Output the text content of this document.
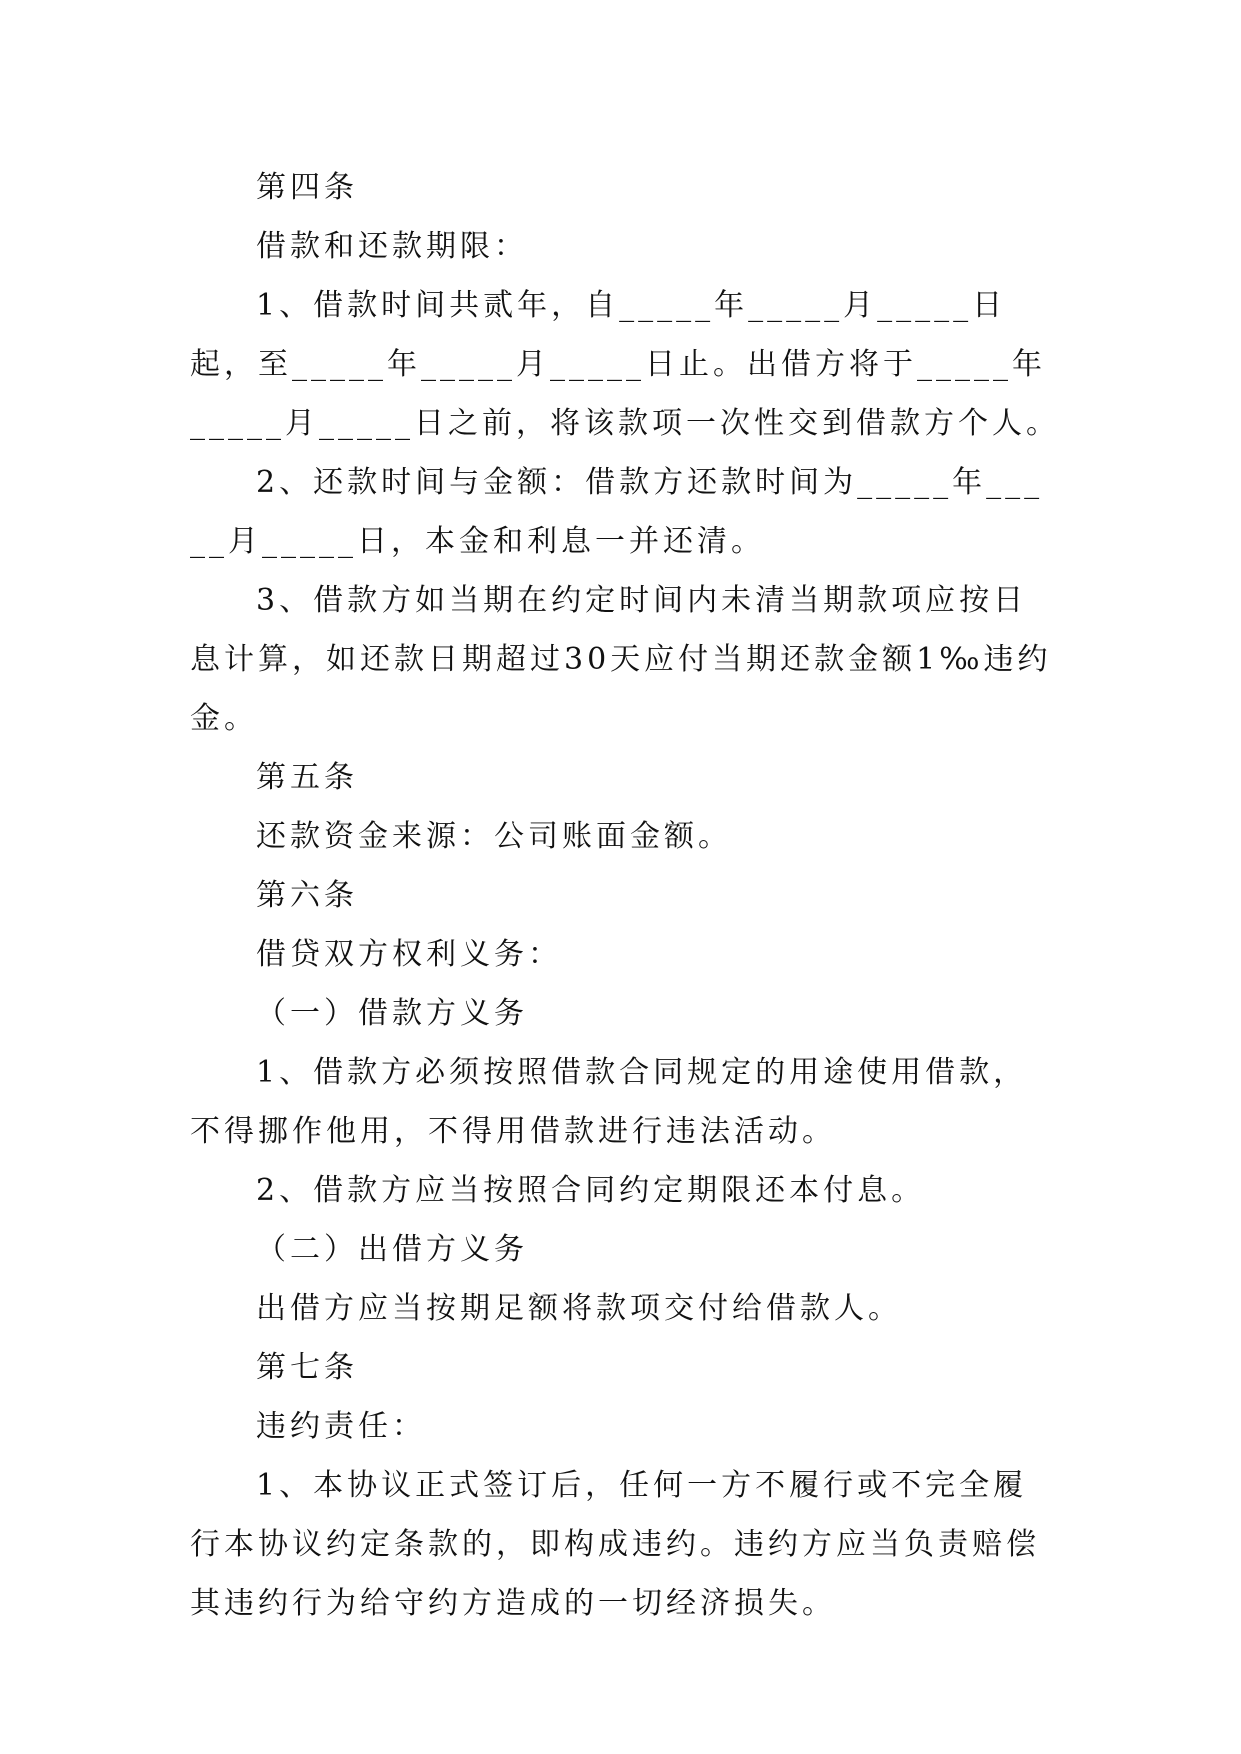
第四条

借款和还款期限：

1、借款时间共贰年，自_____年_____月_____日起，至_____年_____月_____日止。出借方将于_____年_____月_____日之前，将该款项一次性交到借款方个人。

2、还款时间与金额：借款方还款时间为_____年_____月_____日，本金和利息一并还清。

3、借款方如当期在约定时间内未清当期款项应按日息计算，如还款日期超过30天应付当期还款金额1‰违约金。

第五条

还款资金来源：公司账面金额。

第六条

借贷双方权利义务：

（一）借款方义务

1、借款方必须按照借款合同规定的用途使用借款，不得挪作他用，不得用借款进行违法活动。

2、借款方应当按照合同约定期限还本付息。

（二）出借方义务

出借方应当按期足额将款项交付给借款人。

第七条

违约责任：

1、本协议正式签订后，任何一方不履行或不完全履行本协议约定条款的，即构成违约。违约方应当负责赔偿其违约行为给守约方造成的一切经济损失。
